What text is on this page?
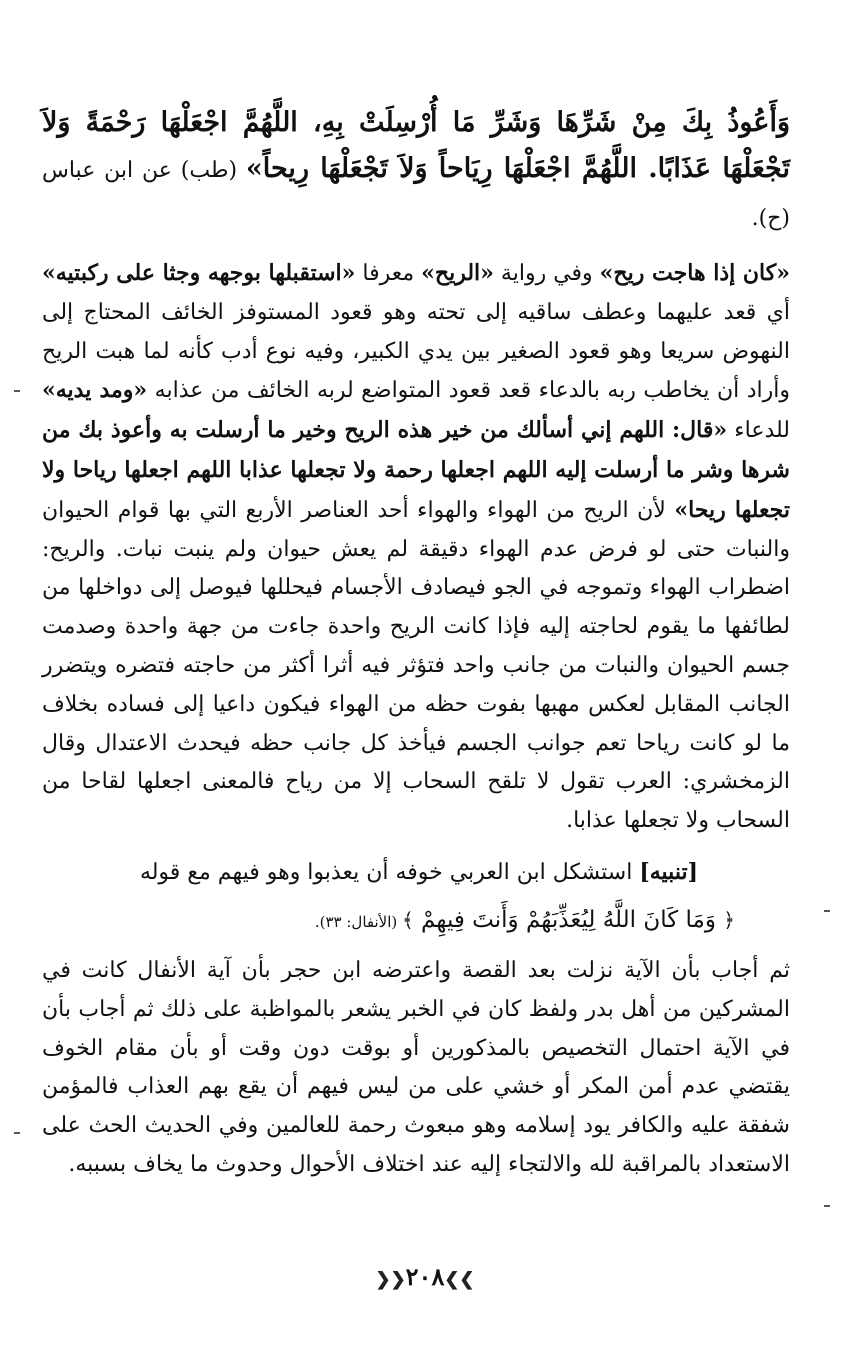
وَأَعُوذُ بِكَ مِنْ شَرِّهَا وَشَرِّ مَا أُرْسِلَتْ بِهِ، اللَّهُمَّ اجْعَلْهَا رَحْمَةً وَلاَ تَجْعَلْهَا عَذَابًا. اللَّهُمَّ اجْعَلْهَا رِيَاحاً وَلاَ تَجْعَلْهَا رِيحاً» (طب) عن ابن عباس (ح).

«كان إذا هاجت ريح» وفي رواية «الريح» معرفا «استقبلها بوجهه وجثا على ركبتيه» أي قعد عليهما وعطف ساقيه إلى تحته وهو قعود المستوفز الخائف المحتاج إلى النهوض سريعا وهو قعود الصغير بين يدي الكبير، وفيه نوع أدب كأنه لما هبت الريح وأراد أن يخاطب ربه بالدعاء قعد قعود المتواضع لربه الخائف من عذابه «ومد يديه» للدعاء «قال: اللهم إني أسألك من خير هذه الريح وخير ما أرسلت به وأعوذ بك من شرها وشر ما أرسلت إليه اللهم اجعلها رحمة ولا تجعلها عذابا اللهم اجعلها رياحا ولا تجعلها ريحا» لأن الريح من الهواء والهواء أحد العناصر الأربع التي بها قوام الحيوان والنبات حتى لو فرض عدم الهواء دقيقة لم يعش حيوان ولم ينبت نبات. والريح: اضطراب الهواء وتموجه في الجو فيصادف الأجسام فيحللها فيوصل إلى دواخلها من لطائفها ما يقوم لحاجته إليه فإذا كانت الريح واحدة جاءت من جهة واحدة وصدمت جسم الحيوان والنبات من جانب واحد فتؤثر فيه أثرا أكثر من حاجته فتضره ويتضرر الجانب المقابل لعكس مهبها بفوت حظه من الهواء فيكون داعيا إلى فساده بخلاف ما لو كانت رياحا تعم جوانب الجسم فيأخذ كل جانب حظه فيحدث الاعتدال وقال الزمخشري: العرب تقول لا تلقح السحاب إلا من رياح فالمعنى اجعلها لقاحا من السحاب ولا تجعلها عذابا.

[تنبيه] استشكل ابن العربي خوفه أن يعذبوا وهو فيهم مع قوله

﴿ وَمَا كَانَ اللَّهُ لِيُعَذِّبَهُمْ وَأَنتَ فِيهِمْ ﴾ (الأنفال: ٣٣).

ثم أجاب بأن الآية نزلت بعد القصة واعترضه ابن حجر بأن آية الأنفال كانت في المشركين من أهل بدر ولفظ كان في الخبر يشعر بالمواظبة على ذلك ثم أجاب بأن في الآية احتمال التخصيص بالمذكورين أو بوقت دون وقت أو بأن مقام الخوف يقتضي عدم أمن المكر أو خشي على من ليس فيهم أن يقع بهم العذاب فالمؤمن شفقة عليه والكافر يود إسلامه وهو مبعوث رحمة للعالمين وفي الحديث الحث على الاستعداد بالمراقبة لله والالتجاء إليه عند اختلاف الأحوال وحدوث ما يخاف بسببه.

❯❯٢٠٨❮❮
